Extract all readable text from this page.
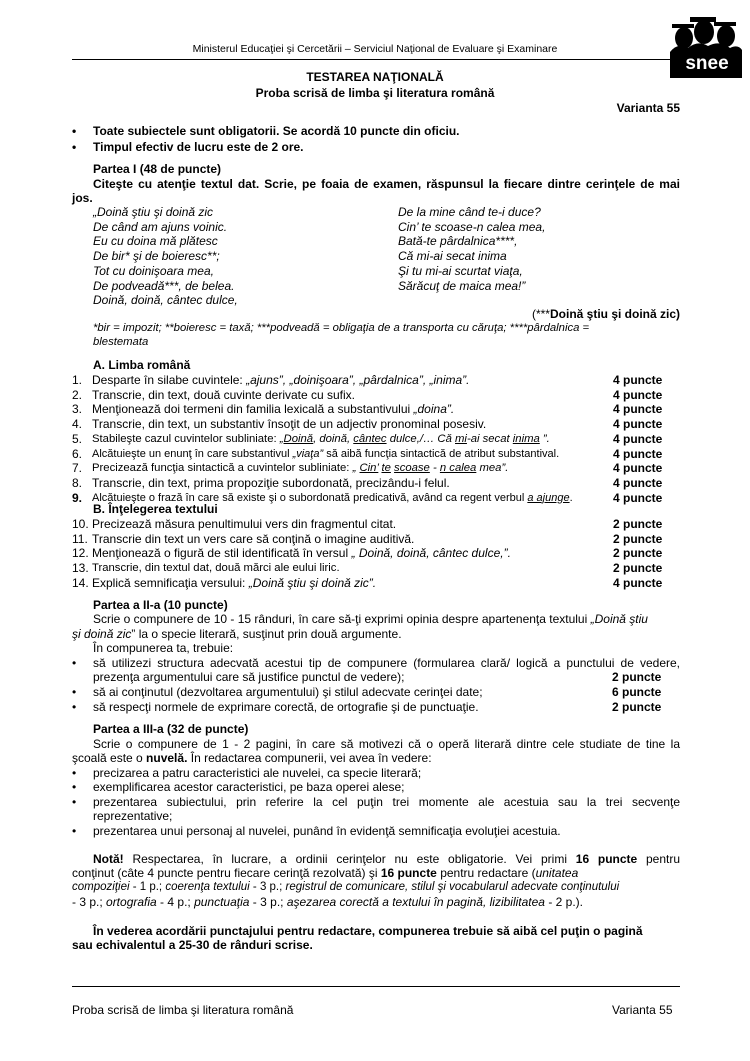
Ministerul Educaţiei şi Cercetării – Serviciul Naţional de Evaluare şi Examinare
snee
TESTAREA NAŢIONALĂ
Proba scrisă de limba şi literatura română
Varianta 55
• Toate subiectele sunt obligatorii. Se acordă 10 puncte din oficiu.
• Timpul efectiv de lucru este de 2 ore.
Partea I (48 de puncte)
Citeşte cu atenţie textul dat. Scrie, pe foaia de examen, răspunsul la fiecare dintre cerinţele de mai
jos.
„Doină ştiu şi doină zic
De când am ajuns voinic.
Eu cu doina mă plătesc
De bir* şi de boieresc**;
Tot cu doinişoara mea,
De podveadă***, de belea.
Doină, doină, cântec dulce,
De la mine când te-i duce?
Cin’ te scoase-n calea mea,
Bată-te pârdalnica****,
Că mi-ai secat inima
Şi tu mi-ai scurtat viaţa,
Sărăcuţ de maica mea!”
(***Doină ştiu şi doină zic)
*bir = impozit; **boieresc = taxă; ***podveadă = obligaţia de a transporta cu căruţa; ****pârdalnica =
blestemata
A. Limba română
1. Desparte în silabe cuvintele: „ajuns”, „doinişoara”, „pârdalnica”, „inima”.	4 puncte
2. Transcrie, din text, două cuvinte derivate cu sufix.	4 puncte
3. Menţionează doi termeni din familia lexicală a substantivului „doina”.	4 puncte
4. Transcrie, din text, un substantiv însoţit de un adjectiv pronominal posesiv.	4 puncte
5. Stabileşte cazul cuvintelor subliniate: „Doină, doină, cântec dulce,/… Că mi-ai secat inima ”.	4 puncte
6. Alcătuieşte un enunţ în care substantivul „viaţa” să aibă funcţia sintactică de atribut substantival.	4 puncte
7. Precizează funcţia sintactică a cuvintelor subliniate: „ Cin’ te scoase - n calea mea”.	4 puncte
8. Transcrie, din text, prima propoziţie subordonată, precizându-i felul.	4 puncte
9. Alcătuieşte o frază în care să existe şi o subordonată predicativă, având ca regent verbul a ajunge.	4 puncte
B. Înţelegerea textului
10. Precizează măsura penultimului vers din fragmentul citat.	2 puncte
11. Transcrie din text un vers care să conţină o imagine auditivă.	2 puncte
12. Menţionează o figură de stil identificată în versul „ Doină, doină, cântec dulce,”.	2 puncte
13. Transcrie, din textul dat, două mărci ale eului liric.	2 puncte
14. Explică semnificaţia versului: „Doină ştiu şi doină zic”.	4 puncte
Partea a II-a (10 puncte)
Scrie o compunere de 10 - 15 rânduri, în care să-ţi exprimi opinia despre apartenenţa textului „Doină ştiu
şi doină zic” la o specie literară, susţinut prin două argumente.
În compunerea ta, trebuie:
• să utilizezi structura adecvată acestui tip de compunere (formularea clară/ logică a punctului de vedere,
prezenţa argumentului care să justifice punctul de vedere);	2 puncte
• să ai conţinutul (dezvoltarea argumentului) şi stilul adecvate cerinţei date;	6 puncte
• să respecţi normele de exprimare corectă, de ortografie şi de punctuaţie.	2 puncte
Partea a III-a (32 de puncte)
Scrie o compunere de 1 - 2 pagini, în care să motivezi că o operă literară dintre cele studiate de tine la
şcoală este o nuvelă. În redactarea compunerii, vei avea în vedere:
• precizarea a patru caracteristici ale nuvelei, ca specie literară;
• exemplificarea acestor caracteristici, pe baza operei alese;
• prezentarea subiectului, prin referire la cel puţin trei momente ale acestuia sau la trei secvenţe
reprezentative;
• prezentarea unui personaj al nuvelei, punând în evidenţă semnificaţia evoluţiei acestuia.
Notă! Respectarea, în lucrare, a ordinii cerinţelor nu este obligatorie. Vei primi 16 puncte pentru
conţinut (câte 4 puncte pentru fiecare cerinţă rezolvată) şi 16 puncte pentru redactare (unitatea
compoziţiei - 1 p.; coerenţa textului - 3 p.; registrul de comunicare, stilul şi vocabularul adecvate conţinutului
- 3 p.; ortografia - 4 p.; punctuaţia - 3 p.; aşezarea corectă a textului în pagină, lizibilitatea - 2 p.).
În vederea acordării punctajului pentru redactare, compunerea trebuie să aibă cel puţin o pagină
sau echivalentul a 25-30 de rânduri scrise.
Proba scrisă de limba şi literatura română	Varianta 55
